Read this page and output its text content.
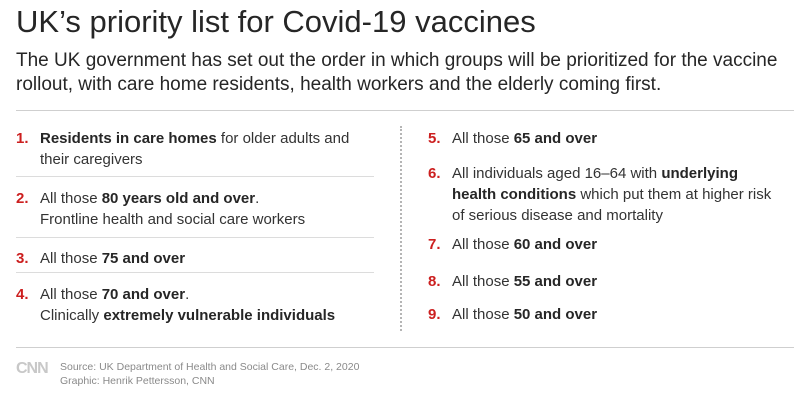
UK’s priority list for Covid-19 vaccines
The UK government has set out the order in which groups will be prioritized for the vaccine rollout, with care home residents, health workers and the elderly coming first.
1. Residents in care homes for older adults and their caregivers
2. All those 80 years old and over.
Frontline health and social care workers
3. All those 75 and over
4. All those 70 and over.
Clinically extremely vulnerable individuals
5. All those 65 and over
6. All individuals aged 16–64 with underlying health conditions which put them at higher risk of serious disease and mortality
7. All those 60 and over
8. All those 55 and over
9. All those 50 and over
CNN Source: UK Department of Health and Social Care, Dec. 2, 2020
Graphic: Henrik Pettersson, CNN
